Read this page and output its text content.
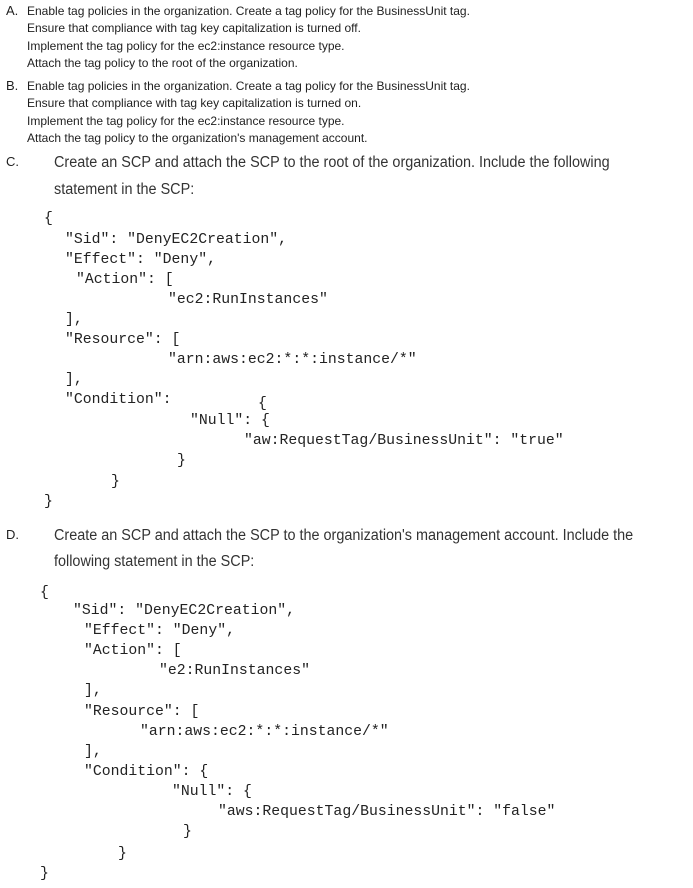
A. Enable tag policies in the organization. Create a tag policy for the BusinessUnit tag.
Ensure that compliance with tag key capitalization is turned off.
Implement the tag policy for the ec2:instance resource type.
Attach the tag policy to the root of the organization.
B. Enable tag policies in the organization. Create a tag policy for the BusinessUnit tag.
Ensure that compliance with tag key capitalization is turned on.
Implement the tag policy for the ec2:instance resource type.
Attach the tag policy to the organization's management account.
C. Create an SCP and attach the SCP to the root of the organization. Include the following
statement in the SCP:
{
"Sid": "DenyEC2Creation",
"Effect": "Deny",
"Action": [
"ec2:RunInstances"
],
"Resource": [
"arn:aws:ec2:*:*:instance/*"
],
"Condition":	{
"Null": {
"aw:RequestTag/BusinessUnit": "true"
}
}
}
D. Create an SCP and attach the SCP to the organization's management account. Include the
following statement in the SCP:
{
"Sid": "DenyEC2Creation",
"Effect": "Deny",
"Action": [
"e2:RunInstances"
],
"Resource": [
"arn:aws:ec2:*:*:instance/*"
],
"Condition": {
"Null": {
"aws:RequestTag/BusinessUnit": "false"
}
}
}
